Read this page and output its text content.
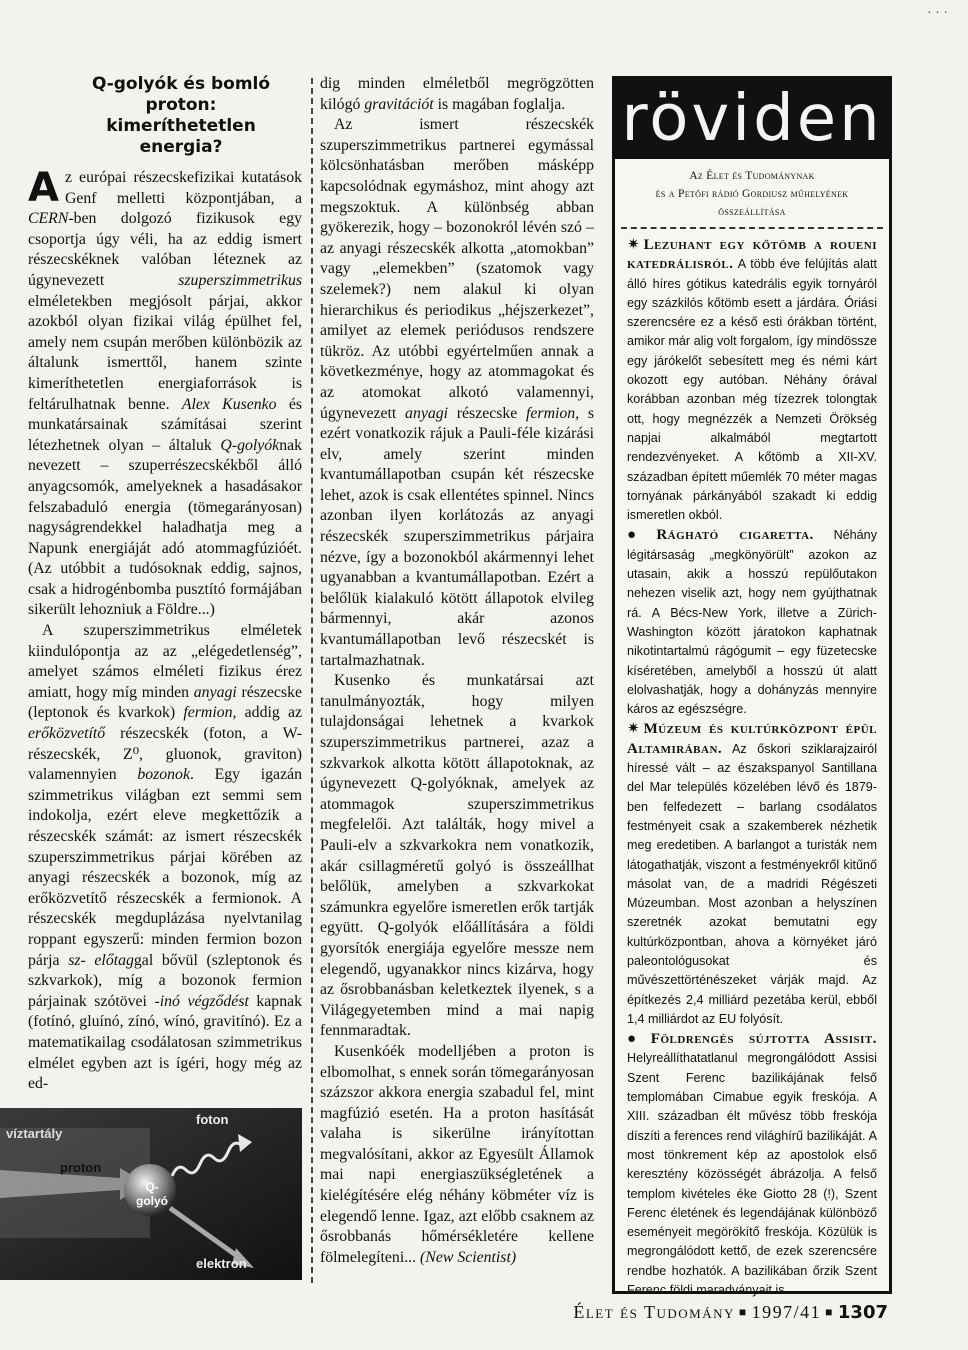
· · ·
Q-golyók és bomló proton: kimeríthetetlen energia?

Az európai részecskefizikai kutatások Genf melletti központjában, a CERN-ben dolgozó fizikusok egy csoportja úgy véli, ha az eddig ismert részecskéknek valóban léteznek az úgynevezett szuperszimmetrikus elméletekben megjósolt párjai, akkor azokból olyan fizikai világ épülhet fel, amely nem csupán merőben különbözik az általunk ismerttől, hanem szinte kimeríthetetlen energiaforrások is feltárulhatnak benne. Alex Kusenko és munkatársainak számításai szerint létezhetnek olyan – általuk Q-golyóknak nevezett – szuperrészecskékből álló anyagcsomók, amelyeknek a hasadásakor felszabaduló energia (tömegarányosan) nagyságrendekkel haladhatja meg a Napunk energiáját adó atommagfúzióét. (Az utóbbit a tudósoknak eddig, sajnos, csak a hidrogénbomba pusztító formájában sikerült lehozniuk a Földre...)

A szuperszimmetrikus elméletek kiindulópontja az az „elégedetlenség”, amelyet számos elméleti fizikus érez amiatt, hogy míg minden anyagi részecske (leptonok és kvarkok) fermion, addig az erőközvetítő részecskék (foton, a W-részecskék, Z⁰, gluonok, graviton) valamennyien bozonok. Egy igazán szimmetrikus világban ezt semmi sem indokolja, ezért eleve megkettőzik a részecskék számát: az ismert részecskék szuperszimmetrikus párjai körében az anyagi részecskék a bozonok, míg az erőközvetítő részecskék a fermionok. A részecskék megduplázása nyelvtanilag roppant egyszerű: minden fermion bozon párja sz- előtaggal bővül (szleptonok és szkvarkok), míg a bozonok fermion párjainak szótövei -inó végződést kapnak (fotínó, gluínó, zínó, wínó, gravitínó). Ez a matematikailag csodálatosan szimmetrikus elmélet egyben azt is ígéri, hogy még az ed-

dig minden elméletből megrögzötten kilógó gravitációt is magában foglalja.

Az ismert részecskék szuperszimmetrikus partnerei egymással kölcsönhatásban merőben másképp kapcsolódnak egymáshoz, mint ahogy azt megszoktuk. A különbség abban gyökerezik, hogy – bozonokról lévén szó – az anyagi részecskék alkotta „atomokban” vagy „elemekben” (szatomok vagy szelemek?) nem alakul ki olyan hierarchikus és periodikus „héjszerkezet”, amilyet az elemek periódusos rendszere tükröz. Az utóbbi egyértelműen annak a következménye, hogy az atommagokat és az atomokat alkotó valamennyi, úgynevezett anyagi részecske fermion, s ezért vonatkozik rájuk a Pauli-féle kizárási elv, amely szerint minden kvantumállapotban csupán két részecske lehet, azok is csak ellentétes spinnel. Nincs azonban ilyen korlátozás az anyagi részecskék szuperszimmetrikus párjaira nézve, így a bozonokból akármennyi lehet ugyanabban a kvantumállapotban. Ezért a belőlük kialakuló kötött állapotok elvileg bármennyi, akár azonos kvantumállapotban levő részecskét is tartalmazhatnak.

Kusenko és munkatársai azt tanulmányozták, hogy milyen tulajdonságai lehetnek a kvarkok szuperszimmetrikus partnerei, azaz a szkvarkok alkotta kötött állapotoknak, az úgynevezett Q-golyóknak, amelyek az atommagok szuperszimmetrikus megfelelői. Azt találták, hogy mivel a Pauli-elv a szkvarkokra nem vonatkozik, akár csillagméretű golyó is összeállhat belőlük, amelyben a szkvarkokat számunkra egyelőre ismeretlen erők tartják együtt. Q-golyók előállítására a földi gyorsítók energiája egyelőre messze nem elegendő, ugyanakkor nincs kizárva, hogy az ősrobbanásban keletkeztek ilyenek, s a Világegyetemben mind a mai napig fennmaradtak.

Kusenkóék modelljében a proton is elbomolhat, s ennek során tömegarányosan százszor akkora energia szabadul fel, mint magfúzió esetén. Ha a proton hasítását valaha is sikerülne irányítottan megvalósítani, akkor az Egyesült Államok mai napi energiaszükségletének a kielégítésére elég néhány köbméter víz is elegendő lenne. Igaz, azt előbb csaknem az ősrobbanás hőmérsékletére kellene fölmelegíteni... (New Scientist)

víztartály
proton
Q-golyó
foton
elektron
röviden
Az Élet és Tudománynak
és a Petőfi rádió Gordiusz műhelyének
összeállítása

✷ Lezuhant egy kőtömb a roueni katedrálisról. A több éve felújítás alatt álló híres gótikus katedrális egyik tornyáról egy százkilós kőtömb esett a járdára. Óriási szerencsére ez a késő esti órákban történt, amikor már alig volt forgalom, így mindössze egy járókelőt sebesített meg és némi kárt okozott egy autóban. Néhány órával korábban azonban még tízezrek tolongtak ott, hogy megnézzék a Nemzeti Örökség napjai alkalmából megtartott rendezvényeket. A kőtömb a XII-XV. században épített műemlék 70 méter magas tornyának párkányából szakadt ki eddig ismeretlen okból.

● Rágható cigaretta. Néhány légitársaság „megkönyörült” azokon az utasain, akik a hosszú repülőutakon nehezen viselik azt, hogy nem gyújthatnak rá. A Bécs-New York, illetve a Zürich-Washington között járatokon kaphatnak nikotintartalmú rágógumit – egy füzetecske kíséretében, amelyből a hosszú út alatt elolvashatják, hogy a dohányzás mennyire káros az egészségre.

✷ Múzeum és kultúrközpont épül Altamirában. Az őskori sziklarajzairól híressé vált – az északspanyol Santillana del Mar település közelében lévő és 1879-ben felfedezett – barlang csodálatos festményeit csak a szakemberek nézhetik meg eredetiben. A barlangot a turisták nem látogathatják, viszont a festményekről kitűnő másolat van, de a madridi Régészeti Múzeumban. Most azonban a helyszínen szeretnék azokat bemutatni egy kultúrközpontban, ahova a környéket járó paleontológusokat és művészettörténészeket várják majd. Az építkezés 2,4 milliárd pezetába kerül, ebből 1,4 milliárdot az EU folyósít.

● Földrengés sújtotta Assisit. Helyreállíthatatlanul megrongálódott Assisi Szent Ferenc bazilikájának felső templomában Cimabue egyik freskója. A XIII. században élt művész több freskója díszíti a ferences rend világhírű bazilikáját. A most tönkrement kép az apostolok első keresztény közösségét ábrázolja. A felső templom kivételes éke Giotto 28 (!), Szent Ferenc életének és legendájának különböző eseményeit megörökítő freskója. Közülük is megrongálódott kettő, de ezek szerencsére rendbe hozhatók. A bazilikában őrzik Szent Ferenc földi maradványait is.

Élet és Tudomány ■ 1997/41 ■ 1307
